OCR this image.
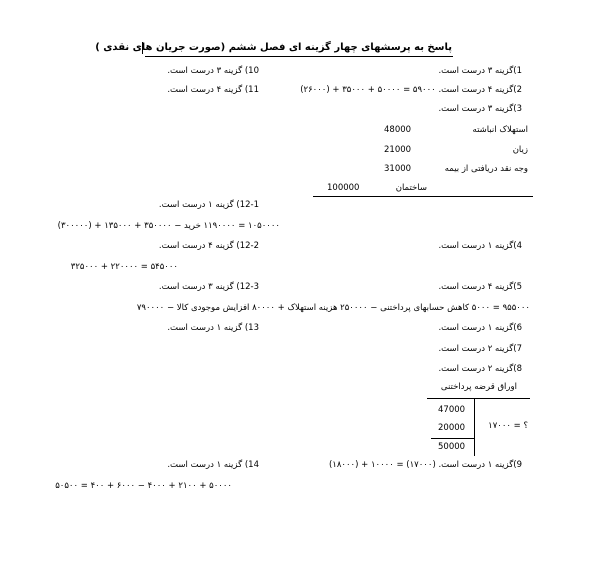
پاسخ به پرسشهای چهار گزینه ای فصل ششم (صورت جریان های نقدی )
1)گزینه ۳ درست است.
2)گزینه ۴ درست است. ۵۹۰۰۰ = ۵۰۰۰۰ + ۳۵۰۰۰ + (۲۶۰۰۰)
3)گزینه ۳ درست است.
10) گزینه ۳ درست است.
11) گزینه ۴ درست است.
استهلاک انباشته
48000
زیان
21000
وجه نقد دریافتی از بیمه
31000
ساختمان
100000
12-1) گزینه ۱ درست است.
۱۰۵۰۰۰۰ = ۱۱۹۰۰۰۰ خرید − ۳۵۰۰۰۰ + ۱۳۵۰۰۰ + (۳۰۰۰۰۰)
4)گزینه ۱ درست است.
12-2) گزینه ۴ درست است.
۳۲۵۰۰۰ + ۲۲۰۰۰۰ = ۵۴۵۰۰۰
5)گزینه ۴ درست است.
12-3) گزینه ۳ درست است.
۹۵۵۰۰۰ = ۵۰۰۰ کاهش حسابهای پرداختنی − ۲۵۰۰۰۰ هزینه استهلاک + ۸۰۰۰۰ افزایش موجودی کالا − ۷۹۰۰۰۰
6)گزینه ۱ درست است.
13) گزینه ۱ درست است.
7)گزینه ۲ درست است.
8)گزینه ۲ درست است.
اوراق قرضه پرداختنی
47000
20000	؟ = ۱۷۰۰۰
50000
9)گزینه ۱ درست است. (۱۷۰۰۰) = ۱۰۰۰۰ + (۱۸۰۰۰)
14) گزینه ۱ درست است.
۵۰۵۰۰ = ۴۰۰ + ۶۰۰۰ − ۴۰۰۰ + ۲۱۰۰ + ۵۰۰۰۰
